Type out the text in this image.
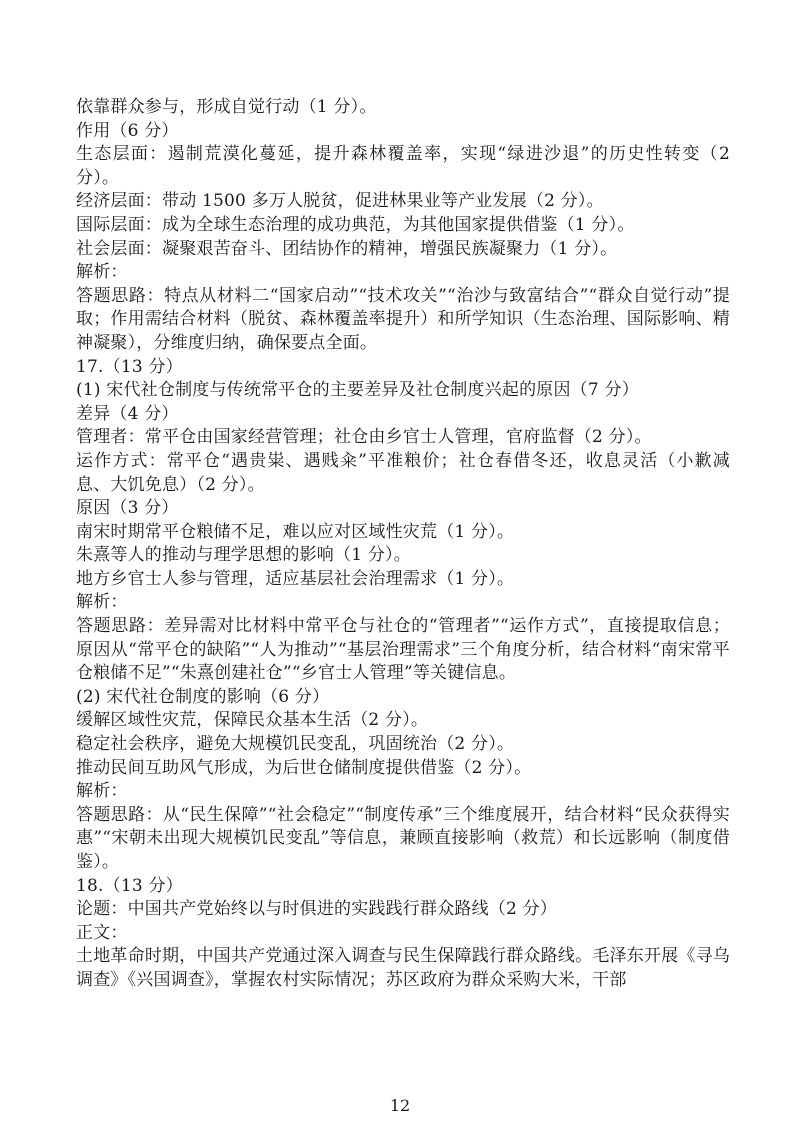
依靠群众参与，形成自觉行动（1 分）。

作用（6 分）

生态层面：遏制荒漠化蔓延，提升森林覆盖率，实现“绿进沙退”的历史性转变（2 分）。

经济层面：带动 1500 多万人脱贫，促进林果业等产业发展（2 分）。

国际层面：成为全球生态治理的成功典范，为其他国家提供借鉴（1 分）。

社会层面：凝聚艰苦奋斗、团结协作的精神，增强民族凝聚力（1 分）。

解析：

答题思路：特点从材料二“国家启动”“技术攻关”“治沙与致富结合”“群众自觉行动”提取；作用需结合材料（脱贫、森林覆盖率提升）和所学知识（生态治理、国际影响、精神凝聚），分维度归纳，确保要点全面。

17.（13 分）

(1) 宋代社仓制度与传统常平仓的主要差异及社仓制度兴起的原因（7 分）

差异（4 分）

管理者：常平仓由国家经营管理；社仓由乡官士人管理，官府监督（2 分）。

运作方式：常平仓“遇贵粜、遇贱籴”平准粮价；社仓春借冬还，收息灵活（小歉减息、大饥免息）（2 分）。

原因（3 分）

南宋时期常平仓粮储不足，难以应对区域性灾荒（1 分）。

朱熹等人的推动与理学思想的影响（1 分）。

地方乡官士人参与管理，适应基层社会治理需求（1 分）。

解析：

答题思路：差异需对比材料中常平仓与社仓的“管理者”“运作方式”，直接提取信息；原因从“常平仓的缺陷”“人为推动”“基层治理需求”三个角度分析，结合材料“南宋常平仓粮储不足”“朱熹创建社仓”“乡官士人管理”等关键信息。

(2) 宋代社仓制度的影响（6 分）

缓解区域性灾荒，保障民众基本生活（2 分）。

稳定社会秩序，避免大规模饥民变乱，巩固统治（2 分）。

推动民间互助风气形成，为后世仓储制度提供借鉴（2 分）。

解析：

答题思路：从“民生保障”“社会稳定”“制度传承”三个维度展开，结合材料“民众获得实惠”“宋朝未出现大规模饥民变乱”等信息，兼顾直接影响（救荒）和长远影响（制度借鉴）。

18.（13 分）

论题：中国共产党始终以与时俱进的实践践行群众路线（2 分）

正文：

土地革命时期，中国共产党通过深入调查与民生保障践行群众路线。毛泽东开展《寻乌调查》《兴国调查》，掌握农村实际情况；苏区政府为群众采购大米，干部

12
